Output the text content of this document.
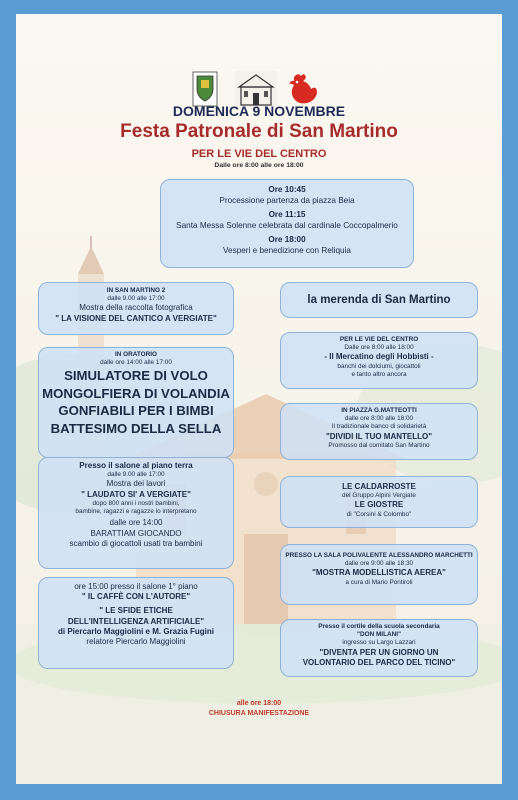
DOMENICA 9 NOVEMBRE
Festa Patronale di San Martino
PER LE VIE DEL CENTRO
Dalle ore 8:00 alle ore 18:00
Ore 10:45
Processione partenza da piazza Beia
Ore 11:15
Santa Messa Solenne celebrata dal cardinale Coccopalmerio
Ore 18:00
Vesperi e benedizione con Reliquia
IN SAN MARTINO 2
dalle 9.00 alle 17:00
Mostra della raccolta fotografica
" LA VISIONE DEL CANTICO A VERGIATE"
IN ORATORIO
dalle ore 14:00 alle 17:00
SIMULATORE DI VOLO
MONGOLFIERA DI VOLANDIA
GONFIABILI PER I BIMBI
BATTESIMO DELLA SELLA
Presso il salone al piano terra
dalle 9.00 alle 17:00
Mostra dei lavori
" LAUDATO SI' A VERGIATE"
dopo 800 anni i nostri bambini,
bambine, ragazzi e ragazze lo interpretano
dalle ore 14:00
BARATTIAM GIOCANDO
scambio di giocattoli usati tra bambini
ore 15:00 presso il salone 1° piano
" IL CAFFÈ CON L'AUTORE"
" LE SFIDE ETICHE
DELL'INTELLIGENZA ARTIFICIALE"
di Piercarlo Maggiolini e M. Grazia Fugini
relatore Piercarlo Maggiolini
la merenda di San Martino
PER LE VIE DEL CENTRO
Dalle ore 8:00 alle 18:00
- Il Mercatino degli Hobbisti -
banchi dei dolciumi, giocattoli
e tanto altro ancora
IN PIAZZA G.MATTEOTTI
dalle ore 8:00 alle 18:00
Il tradizionale banco di solidarietà
"DIVIDI IL TUO MANTELLO"
Promosso dal comitato San Martino
LE CALDARROSTE
del Gruppo Alpini Vergiate
LE GIOSTRE
di "Corsini & Colombo"
PRESSO LA SALA POLIVALENTE ALESSANDRO MARCHETTI
dalle ore 9:00 alle 18:30
"MOSTRA MODELLISTICA AEREA"
a cura di Mario Pontiroli
Presso il cortile della scuola secondaria
"DON MILANI"
ingresso su Largo Lazzari
"DIVENTA PER UN GIORNO UN
VOLONTARIO DEL PARCO DEL TICINO"
alle ore 18:00
CHIUSURA MANIFESTAZIONE
